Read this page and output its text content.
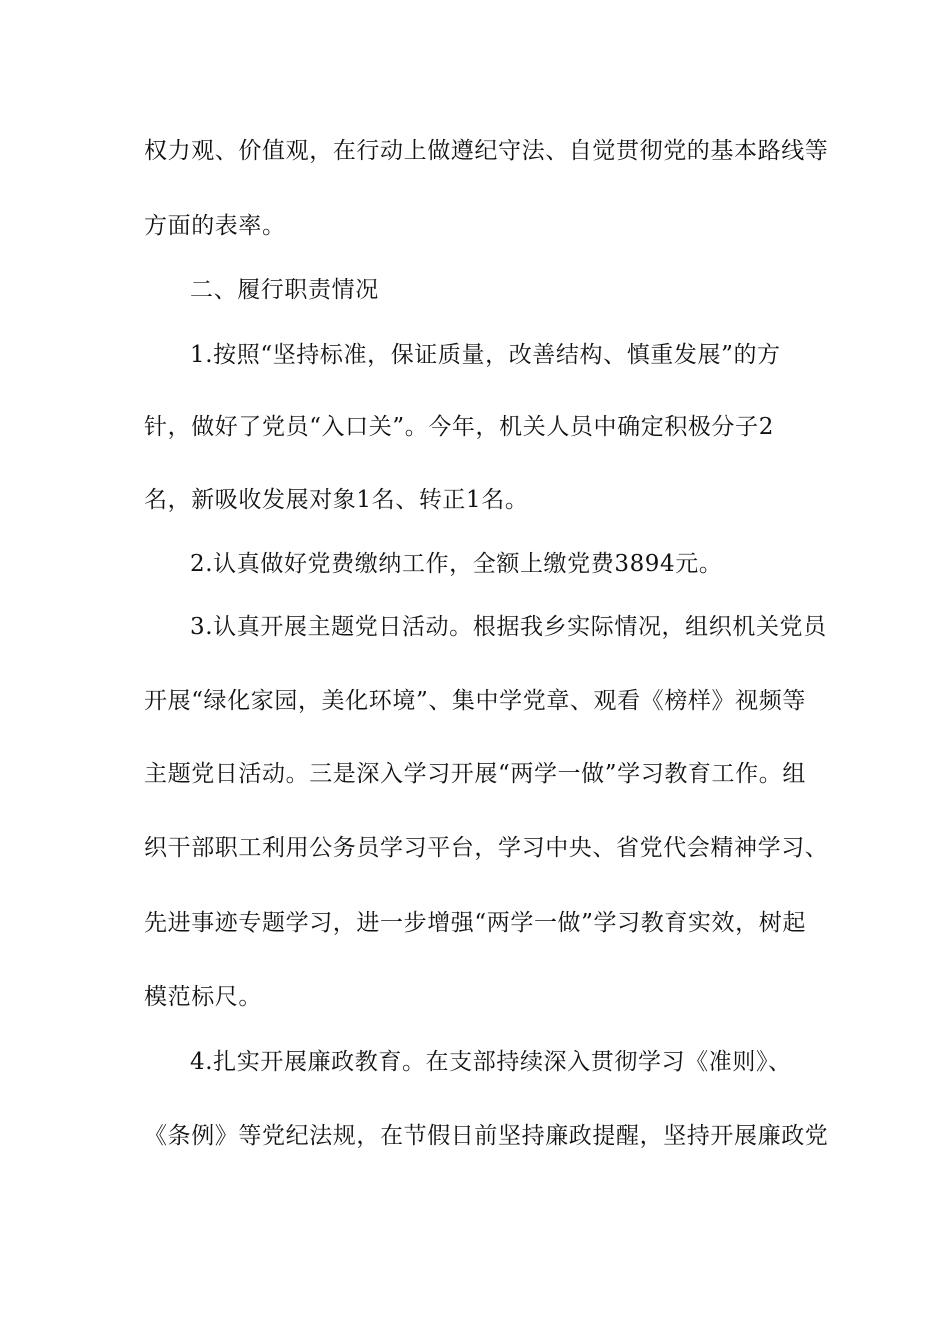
权力观、价值观，在行动上做遵纪守法、自觉贯彻党的基本路线等
方面的表率。
二、履行职责情况
1.按照“坚持标准，保证质量，改善结构、慎重发展”的方
针，做好了党员“入口关”。今年，机关人员中确定积极分子2
名，新吸收发展对象1名、转正1名。
2.认真做好党费缴纳工作，全额上缴党费3894元。
3.认真开展主题党日活动。根据我乡实际情况，组织机关党员
开展“绿化家园，美化环境”、集中学党章、观看《榜样》视频等
主题党日活动。三是深入学习开展“两学一做”学习教育工作。组
织干部职工利用公务员学习平台，学习中央、省党代会精神学习、
先进事迹专题学习，进一步增强“两学一做”学习教育实效，树起
模范标尺。
4.扎实开展廉政教育。在支部持续深入贯彻学习《准则》、
《条例》等党纪法规，在节假日前坚持廉政提醒，坚持开展廉政党
